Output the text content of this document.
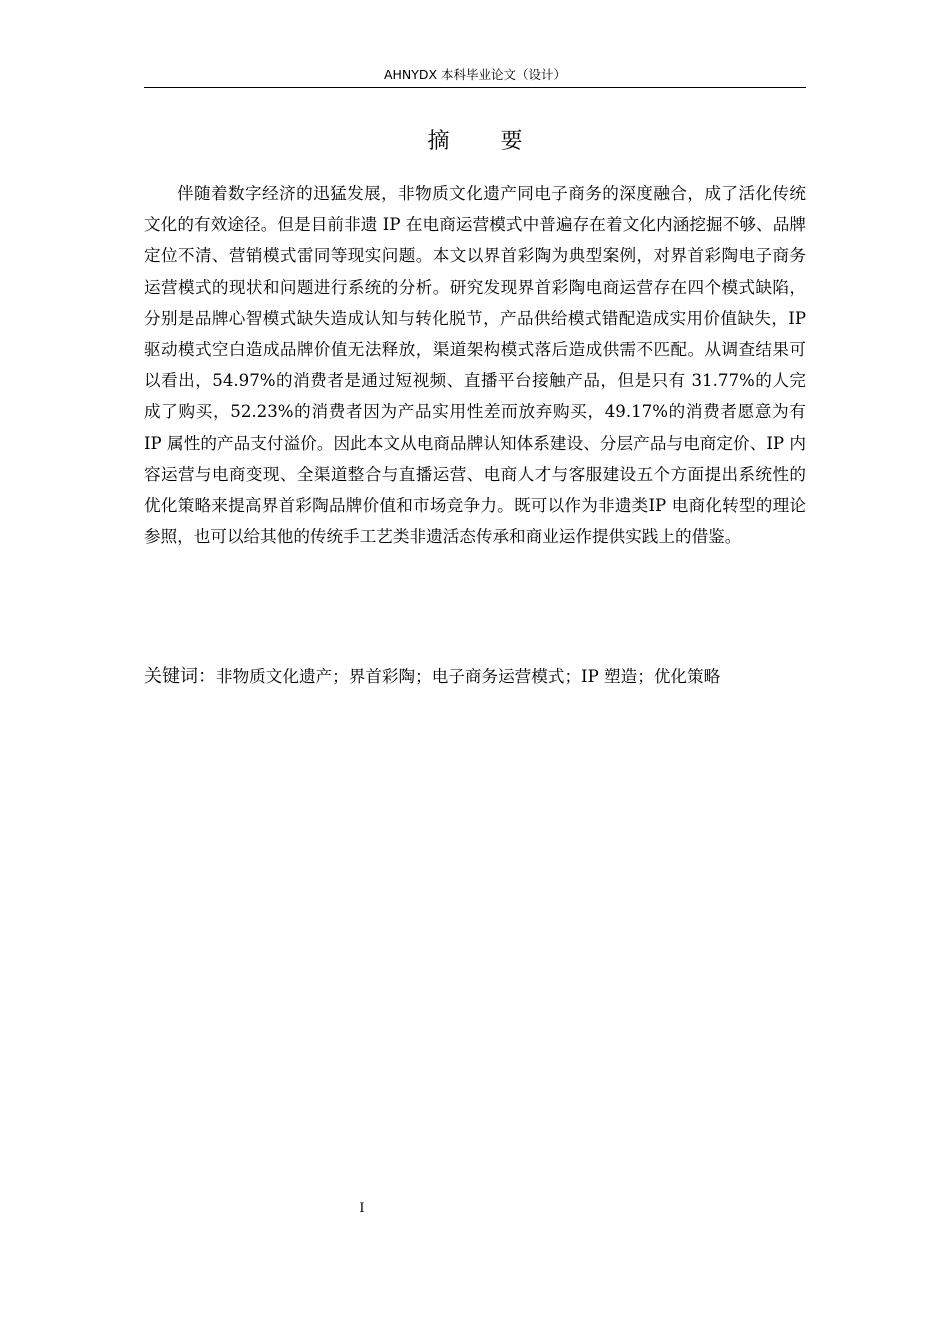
AHNYDX 本科毕业论文（设计）
摘 要

伴随着数字经济的迅猛发展，非物质文化遗产同电子商务的深度融合，成了活化传统文化的有效途径。但是目前非遗 IP 在电商运营模式中普遍存在着文化内涵挖掘不够、品牌定位不清、营销模式雷同等现实问题。本文以界首彩陶为典型案例，对界首彩陶电子商务运营模式的现状和问题进行系统的分析。研究发现界首彩陶电商运营存在四个模式缺陷，分别是品牌心智模式缺失造成认知与转化脱节，产品供给模式错配造成实用价值缺失，IP 驱动模式空白造成品牌价值无法释放，渠道架构模式落后造成供需不匹配。从调查结果可以看出，54.97%的消费者是通过短视频、直播平台接触产品，但是只有 31.77%的人完成了购买，52.23%的消费者因为产品实用性差而放弃购买，49.17%的消费者愿意为有 IP 属性的产品支付溢价。因此本文从电商品牌认知体系建设、分层产品与电商定价、IP 内容运营与电商变现、全渠道整合与直播运营、电商人才与客服建设五个方面提出系统性的优化策略来提高界首彩陶品牌价值和市场竞争力。既可以作为非遗类IP 电商化转型的理论参照，也可以给其他的传统手工艺类非遗活态传承和商业运作提供实践上的借鉴。

关键词：非物质文化遗产；界首彩陶；电子商务运营模式；IP 塑造；优化策略

I
